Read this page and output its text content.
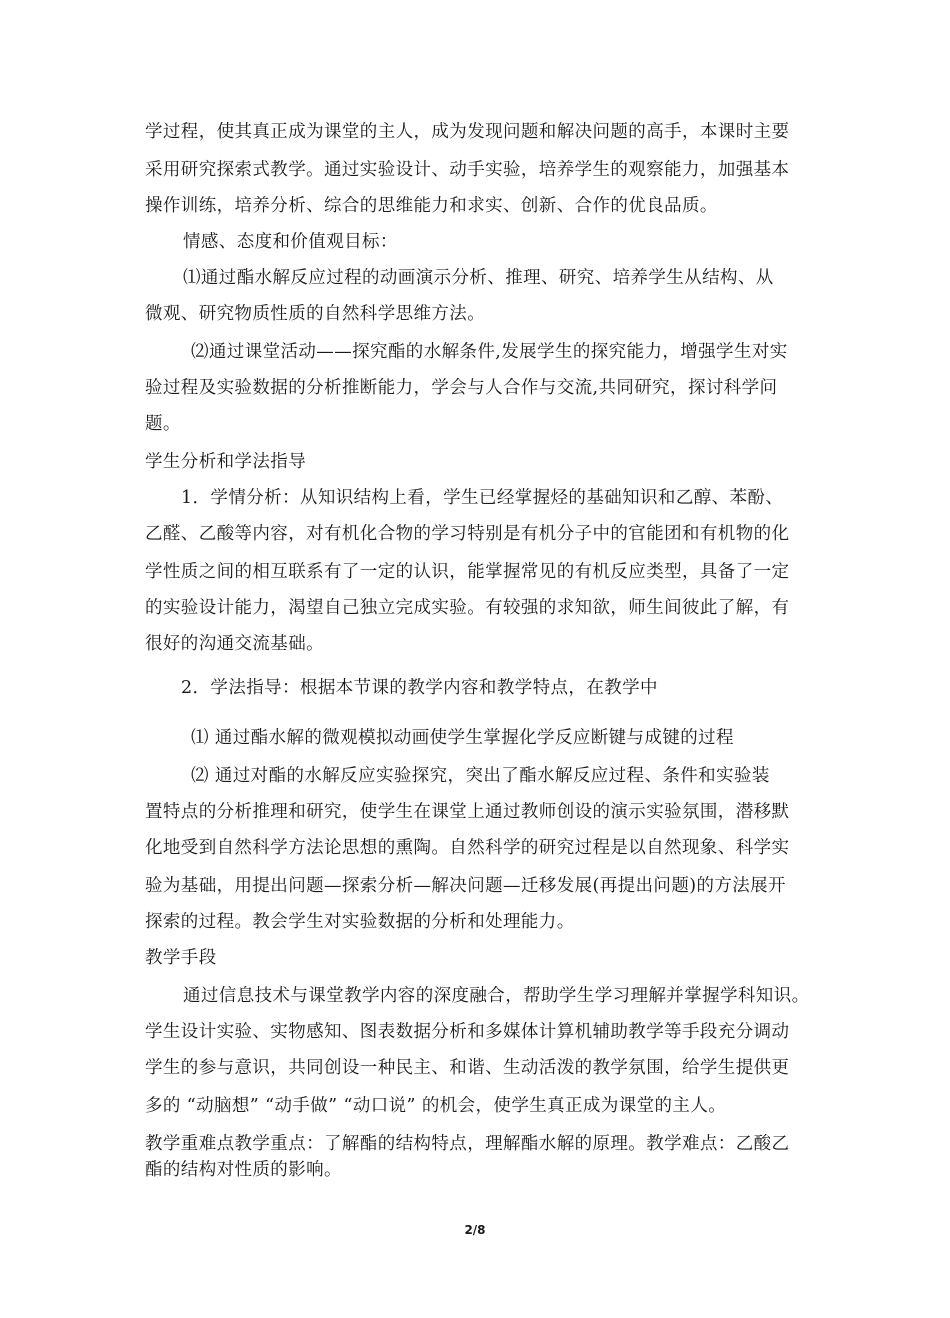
学过程，使其真正成为课堂的主人，成为发现问题和解决问题的高手，本课时主要
采用研究探索式教学。通过实验设计、动手实验，培养学生的观察能力，加强基本
操作训练，培养分析、综合的思维能力和求实、创新、合作的优良品质。
情感、态度和价值观目标：
⑴通过酯水解反应过程的动画演示分析、推理、研究、培养学生从结构、从
微观、研究物质性质的自然科学思维方法。
⑵通过课堂活动——探究酯的水解条件,发展学生的探究能力，增强学生对实
验过程及实验数据的分析推断能力，学会与人合作与交流,共同研究，探讨科学问
题。
学生分析和学法指导
1．学情分析：从知识结构上看，学生已经掌握烃的基础知识和乙醇、苯酚、
乙醛、乙酸等内容，对有机化合物的学习特别是有机分子中的官能团和有机物的化
学性质之间的相互联系有了一定的认识，能掌握常见的有机反应类型，具备了一定
的实验设计能力，渴望自己独立完成实验。有较强的求知欲，师生间彼此了解，有
很好的沟通交流基础。
2．学法指导：根据本节课的教学内容和教学特点，在教学中
⑴ 通过酯水解的微观模拟动画使学生掌握化学反应断键与成键的过程
⑵ 通过对酯的水解反应实验探究，突出了酯水解反应过程、条件和实验装
置特点的分析推理和研究，使学生在课堂上通过教师创设的演示实验氛围，潜移默
化地受到自然科学方法论思想的熏陶。自然科学的研究过程是以自然现象、科学实
验为基础，用提出问题—探索分析—解决问题—迁移发展(再提出问题)的方法展开
探索的过程。教会学生对实验数据的分析和处理能力。
教学手段
通过信息技术与课堂教学内容的深度融合，帮助学生学习理解并掌握学科知识。
学生设计实验、实物感知、图表数据分析和多媒体计算机辅助教学等手段充分调动
学生的参与意识，共同创设一种民主、和谐、生动活泼的教学氛围，给学生提供更
多的 “动脑想” “动手做” “动口说” 的机会，使学生真正成为课堂的主人。
教学重难点教学重点：了解酯的结构特点，理解酯水解的原理。教学难点：乙酸乙
酯的结构对性质的影响。
2/8
